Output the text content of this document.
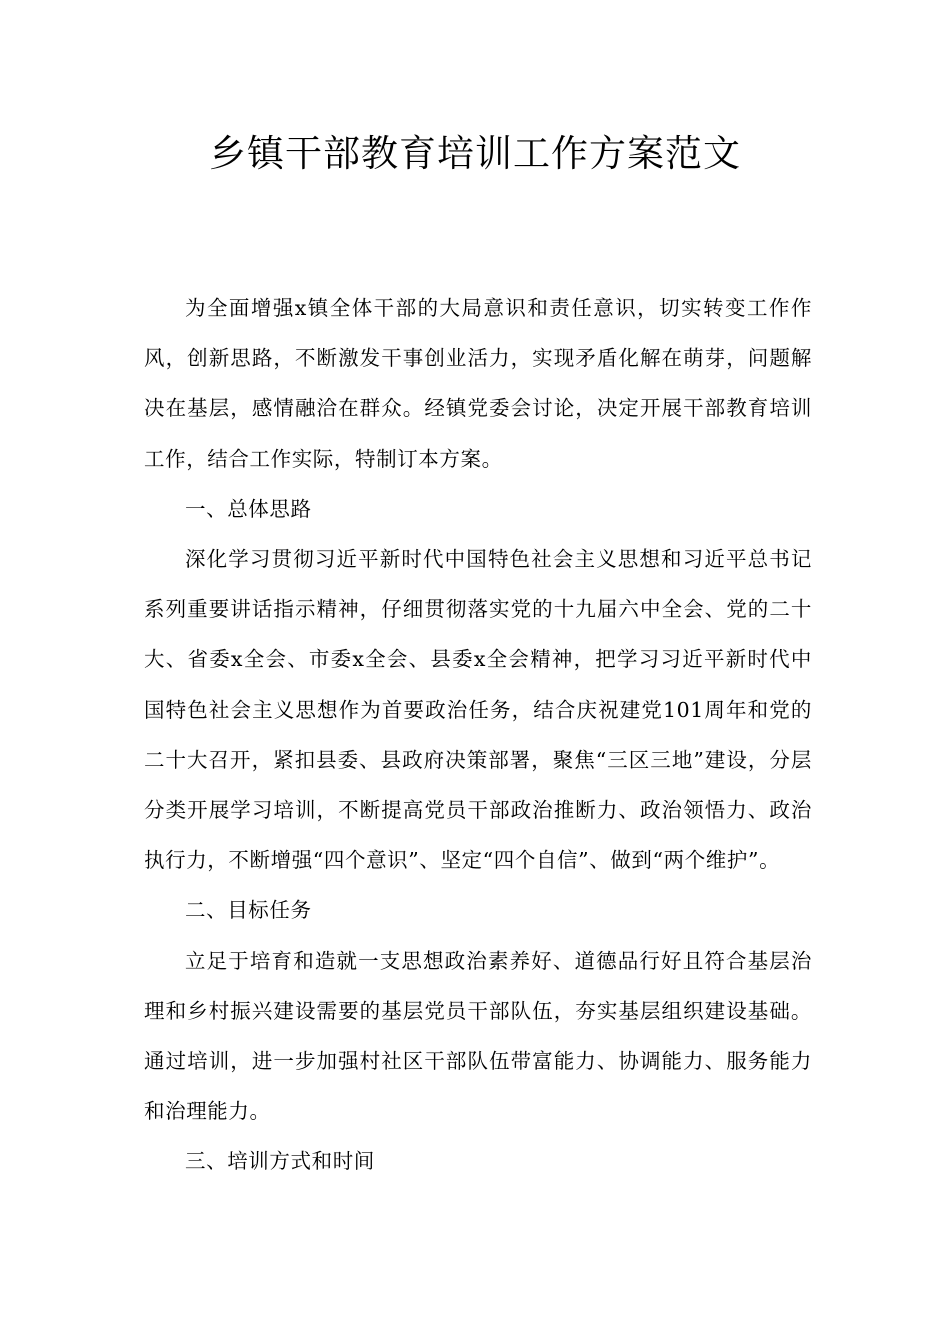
乡镇干部教育培训工作方案范文

为全面增强x镇全体干部的大局意识和责任意识，切实转变工作作风，创新思路，不断激发干事创业活力，实现矛盾化解在萌芽，问题解决在基层，感情融洽在群众。经镇党委会讨论，决定开展干部教育培训工作，结合工作实际，特制订本方案。

一、总体思路

深化学习贯彻习近平新时代中国特色社会主义思想和习近平总书记系列重要讲话指示精神，仔细贯彻落实党的十九届六中全会、党的二十大、省委x全会、市委x全会、县委x全会精神，把学习习近平新时代中国特色社会主义思想作为首要政治任务，结合庆祝建党101周年和党的二十大召开，紧扣县委、县政府决策部署，聚焦“三区三地”建设，分层分类开展学习培训，不断提高党员干部政治推断力、政治领悟力、政治执行力，不断增强“四个意识”、坚定“四个自信”、做到“两个维护”。

二、目标任务

立足于培育和造就一支思想政治素养好、道德品行好且符合基层治理和乡村振兴建设需要的基层党员干部队伍，夯实基层组织建设基础。通过培训，进一步加强村社区干部队伍带富能力、协调能力、服务能力和治理能力。

三、培训方式和时间
